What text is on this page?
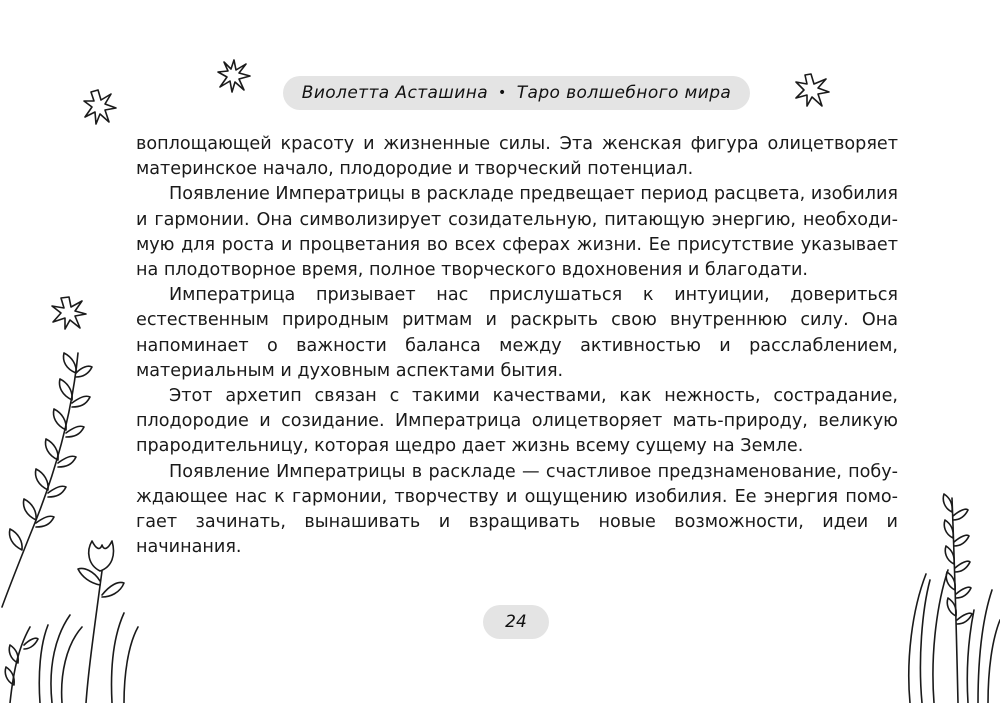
Виолетта Асташина • Таро волшебного мира

воплощающей красоту и жизненные силы. Эта женская фигура олицетворяет материнское начало, плодородие и творческий потенциал.

Появление Императрицы в раскладе предвещает период расцвета, изобилия и гармонии. Она символизирует созидательную, питающую энергию, необходимую для роста и процветания во всех сферах жизни. Ее присутствие указывает на плодотворное время, полное творческого вдохновения и благодати.

Императрица призывает нас прислушаться к интуиции, довериться естественным природным ритмам и раскрыть свою внутреннюю силу. Она напоминает о важности баланса между активностью и расслаблением, материальным и духовным аспектами бытия.

Этот архетип связан с такими качествами, как нежность, сострадание, плодородие и созидание. Императрица олицетворяет мать-природу, великую прародительницу, которая щедро дает жизнь всему сущему на Земле.

Появление Императрицы в раскладе — счастливое предзнаменование, побуждающее нас к гармонии, творчеству и ощущению изобилия. Ее энергия помогает зачинать, вынашивать и взращивать новые возможности, идеи и начинания.

24
